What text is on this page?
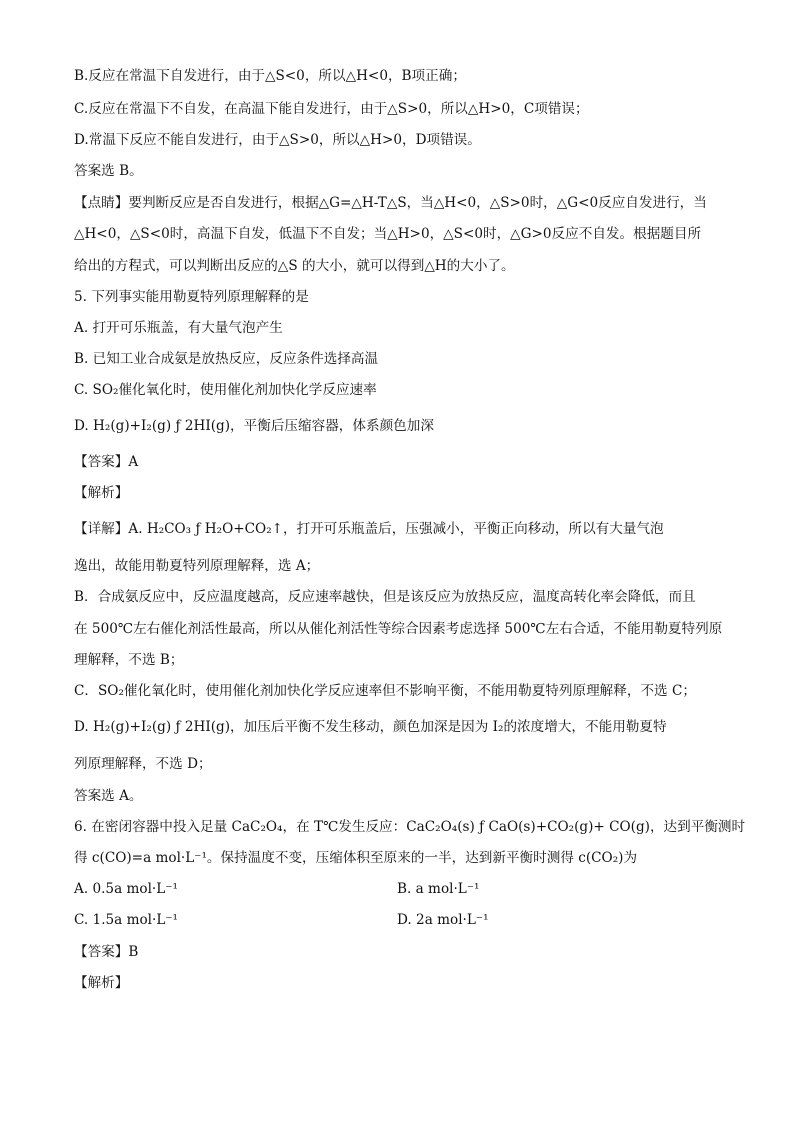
B.反应在常温下自发进行，由于△S<0，所以△H<0，B项正确；
C.反应在常温下不自发，在高温下能自发进行，由于△S>0，所以△H>0，C项错误；
D.常温下反应不能自发进行，由于△S>0，所以△H>0，D项错误。
答案选 B。
【点睛】要判断反应是否自发进行，根据△G=△H-T△S，当△H<0，△S>0时，△G<0反应自发进行，当
△H<0，△S<0时，高温下自发，低温下不自发；当△H>0，△S<0时，△G>0反应不自发。根据题目所
给出的方程式，可以判断出反应的△S 的大小，就可以得到△H的大小了。
5. 下列事实能用勒夏特列原理解释的是
A. 打开可乐瓶盖，有大量气泡产生
B. 已知工业合成氨是放热反应，反应条件选择高温
C. SO₂催化氧化时，使用催化剂加快化学反应速率
D. H₂(g)+I₂(g) ƒ 2HI(g)，平衡后压缩容器，体系颜色加深
【答案】A
【解析】
【详解】A. H₂CO₃ ƒ H₂O+CO₂↑，打开可乐瓶盖后，压强减小，平衡正向移动，所以有大量气泡
逸出，故能用勒夏特列原理解释，选 A；
B．合成氨反应中，反应温度越高，反应速率越快，但是该反应为放热反应，温度高转化率会降低，而且
在 500℃左右催化剂活性最高，所以从催化剂活性等综合因素考虑选择 500℃左右合适，不能用勒夏特列原
理解释，不选 B；
C．SO₂催化氧化时，使用催化剂加快化学反应速率但不影响平衡，不能用勒夏特列原理解释，不选 C；
D. H₂(g)+I₂(g) ƒ 2HI(g)，加压后平衡不发生移动，颜色加深是因为 I₂的浓度增大，不能用勒夏特
列原理解释，不选 D；
答案选 A。
6. 在密闭容器中投入足量 CaC₂O₄，在 T℃发生反应：CaC₂O₄(s) ƒ CaO(s)+CO₂(g)+ CO(g)，达到平衡测时
得 c(CO)=a mol·L⁻¹。保持温度不变，压缩体积至原来的一半，达到新平衡时测得 c(CO₂)为
A. 0.5a mol·L⁻¹	B. a mol·L⁻¹
C. 1.5a mol·L⁻¹	D. 2a mol·L⁻¹
【答案】B
【解析】
